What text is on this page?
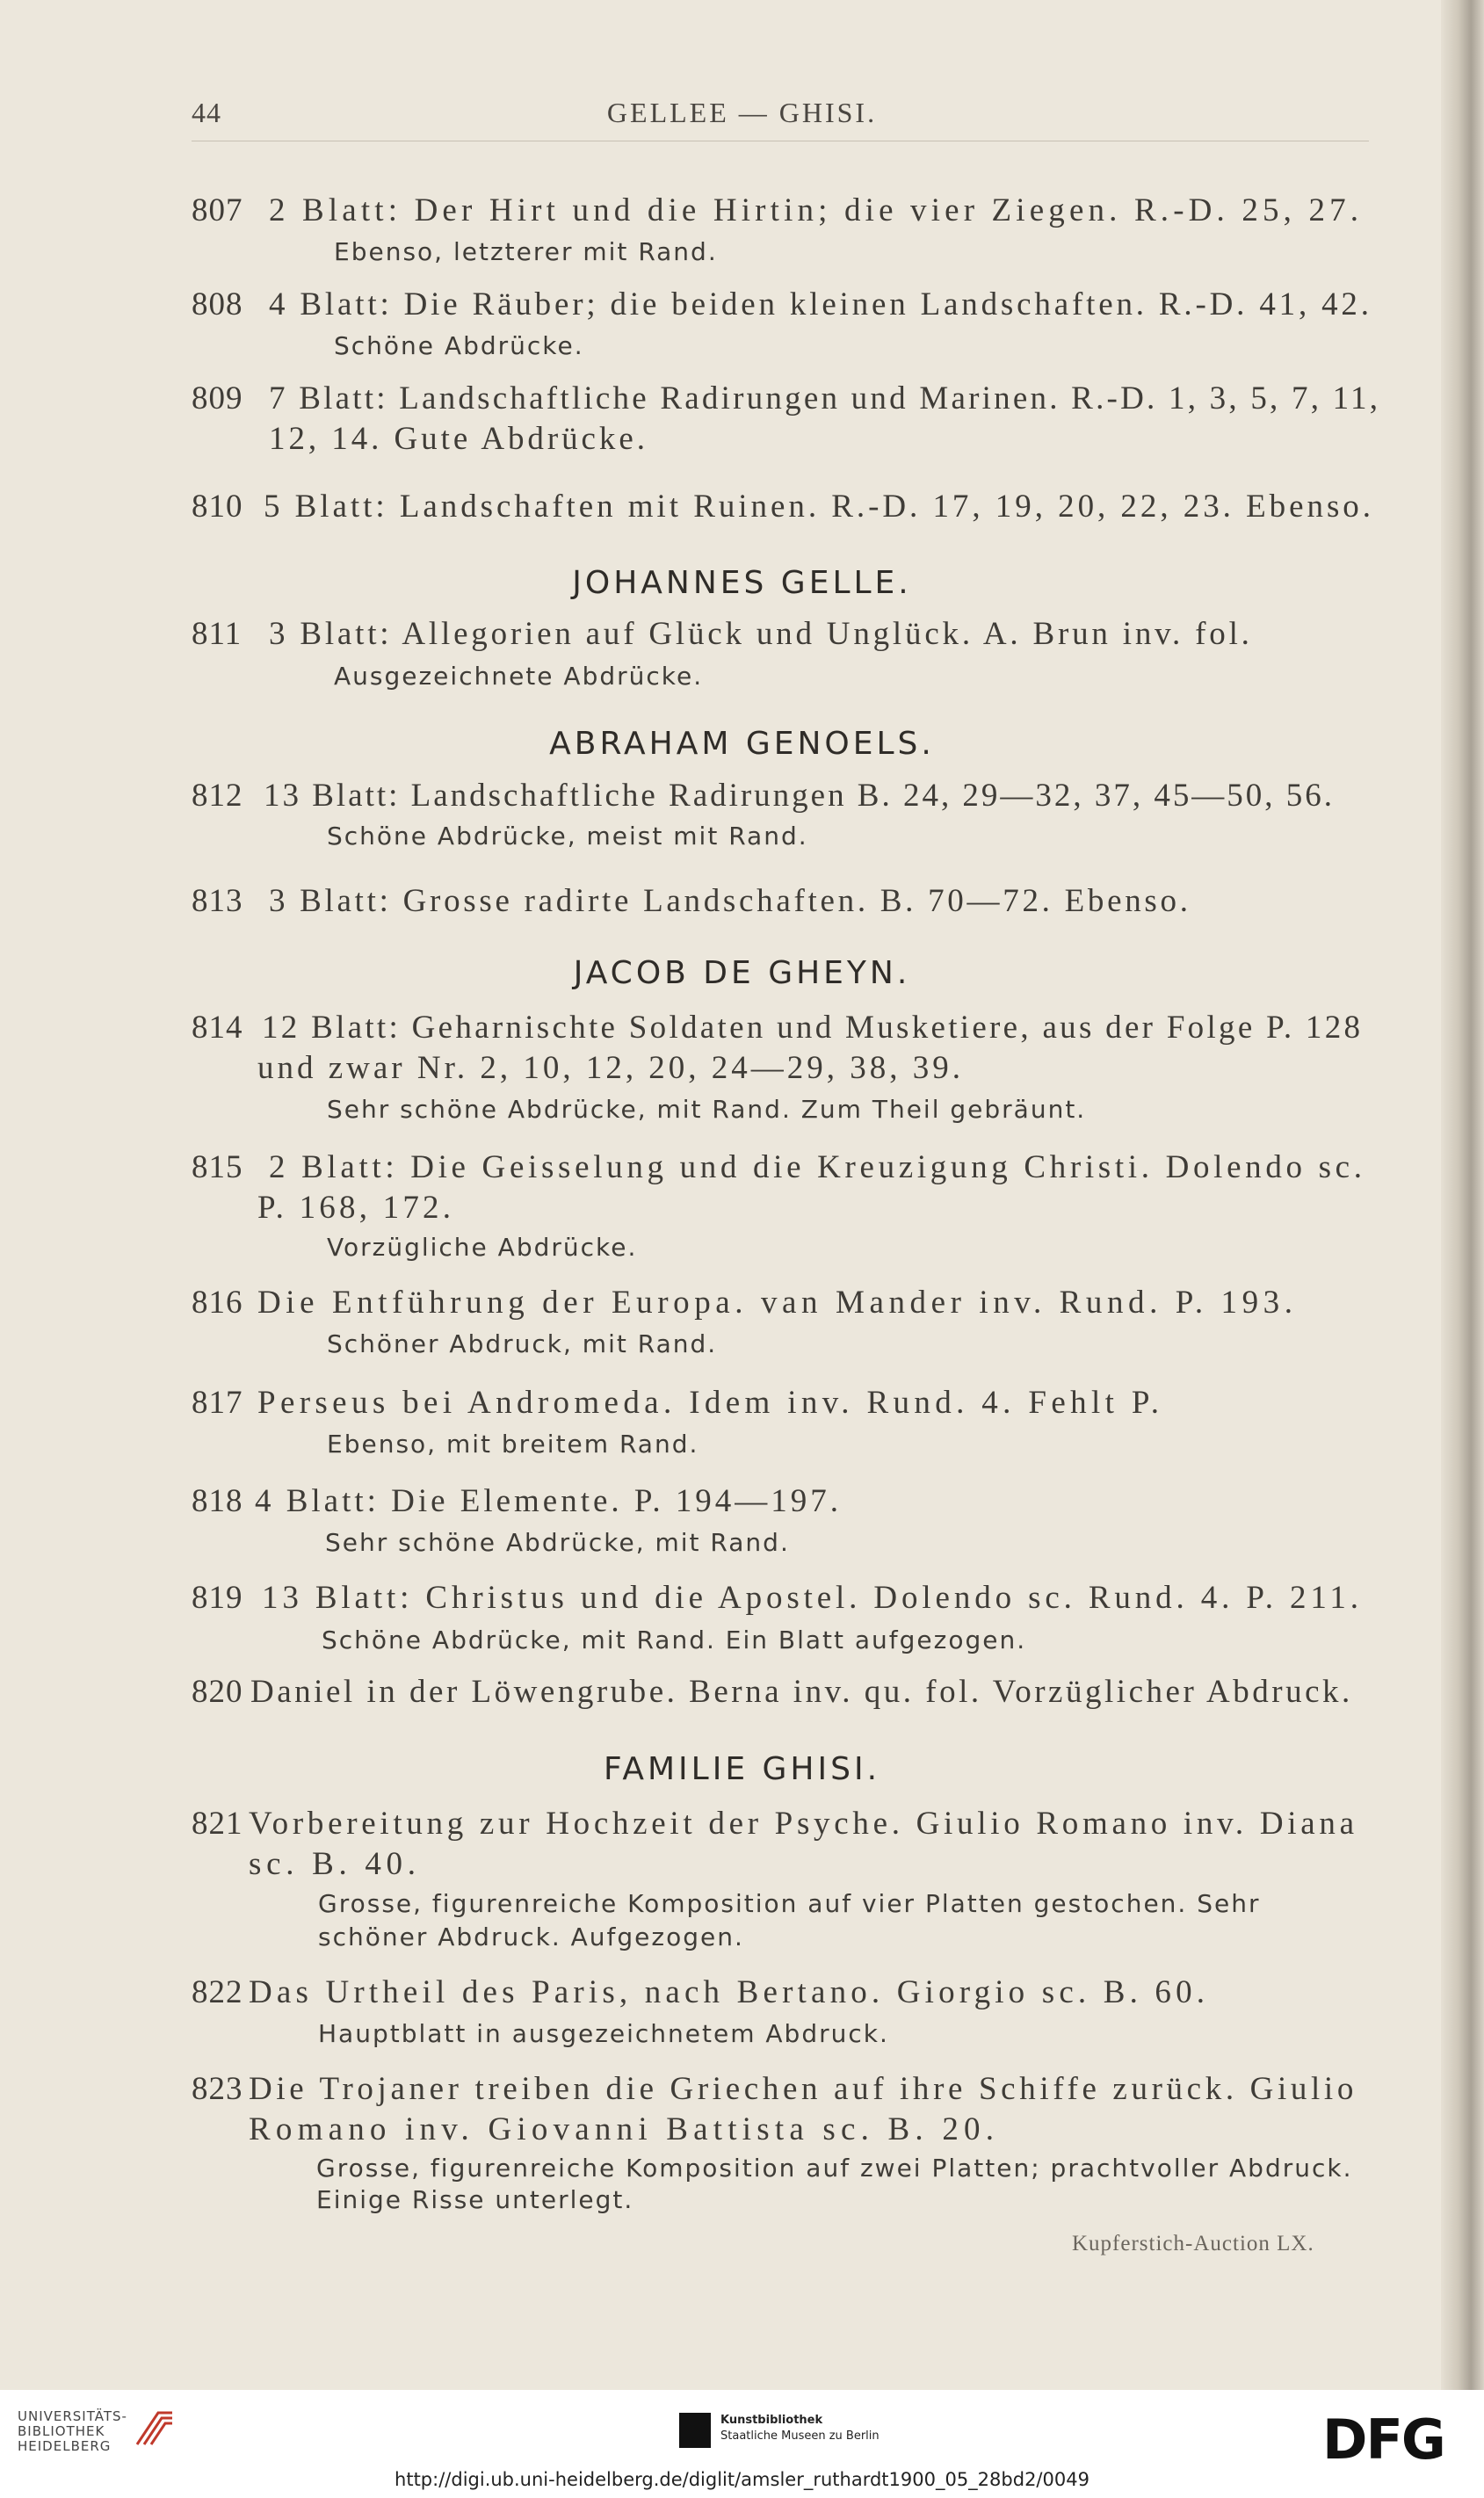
44	GELLEE — GHISI.
807 2 Blatt: Der Hirt und die Hirtin; die vier Ziegen. R.-D. 25, 27.
Ebenso, letzterer mit Rand.
808 4 Blatt: Die Räuber; die beiden kleinen Landschaften. R.-D. 41, 42.
Schöne Abdrücke.
809 7 Blatt: Landschaftliche Radirungen und Marinen. R.-D. 1, 3, 5, 7, 11,
12, 14. Gute Abdrücke.
810 5 Blatt: Landschaften mit Ruinen. R.-D. 17, 19, 20, 22, 23. Ebenso.
811 3 Blatt: Allegorien auf Glück und Unglück. A. Brun inv. fol.
Ausgezeichnete Abdrücke.
812 13 Blatt: Landschaftliche Radirungen B. 24, 29—32, 37, 45—50, 56.
Schöne Abdrücke, meist mit Rand.
813 3 Blatt: Grosse radirte Landschaften. B. 70—72. Ebenso.
814 12 Blatt: Geharnischte Soldaten und Musketiere, aus der Folge P. 128
und zwar Nr. 2, 10, 12, 20, 24—29, 38, 39.
Sehr schöne Abdrücke, mit Rand. Zum Theil gebräunt.
815 2 Blatt: Die Geisselung und die Kreuzigung Christi. Dolendo sc.
P. 168, 172.
Vorzügliche Abdrücke.
816 Die Entführung der Europa. van Mander inv. Rund. P. 193.
Schöner Abdruck, mit Rand.
817 Perseus bei Andromeda. Idem inv. Rund. 4. Fehlt P.
Ebenso, mit breitem Rand.
818 4 Blatt: Die Elemente. P. 194—197.
Sehr schöne Abdrücke, mit Rand.
819 13 Blatt: Christus und die Apostel. Dolendo sc. Rund. 4. P. 211.
Schöne Abdrücke, mit Rand. Ein Blatt aufgezogen.
820 Daniel in der Löwengrube. Berna inv. qu. fol. Vorzüglicher Abdruck.
821 Vorbereitung zur Hochzeit der Psyche. Giulio Romano inv. Diana
sc. B. 40.
Grosse, figurenreiche Komposition auf vier Platten gestochen. Sehr
schöner Abdruck. Aufgezogen.
822 Das Urtheil des Paris, nach Bertano. Giorgio sc. B. 60.
Hauptblatt in ausgezeichnetem Abdruck.
823 Die Trojaner treiben die Griechen auf ihre Schiffe zurück. Giulio
Romano inv. Giovanni Battista sc. B. 20.
Grosse, figurenreiche Komposition auf zwei Platten; prachtvoller Abdruck.
Einige Risse unterlegt.
JOHANNES GELLE.
ABRAHAM GENOELS.
JACOB DE GHEYN.
FAMILIE GHISI.
Kupferstich-Auction LX.
UNIVERSITÄTS-
BIBLIOTHEK
HEIDELBERG
Kunstbibliothek
Staatliche Museen zu Berlin	DFG
http://digi.ub.uni-heidelberg.de/diglit/amsler_ruthardt1900_05_28bd2/0049
